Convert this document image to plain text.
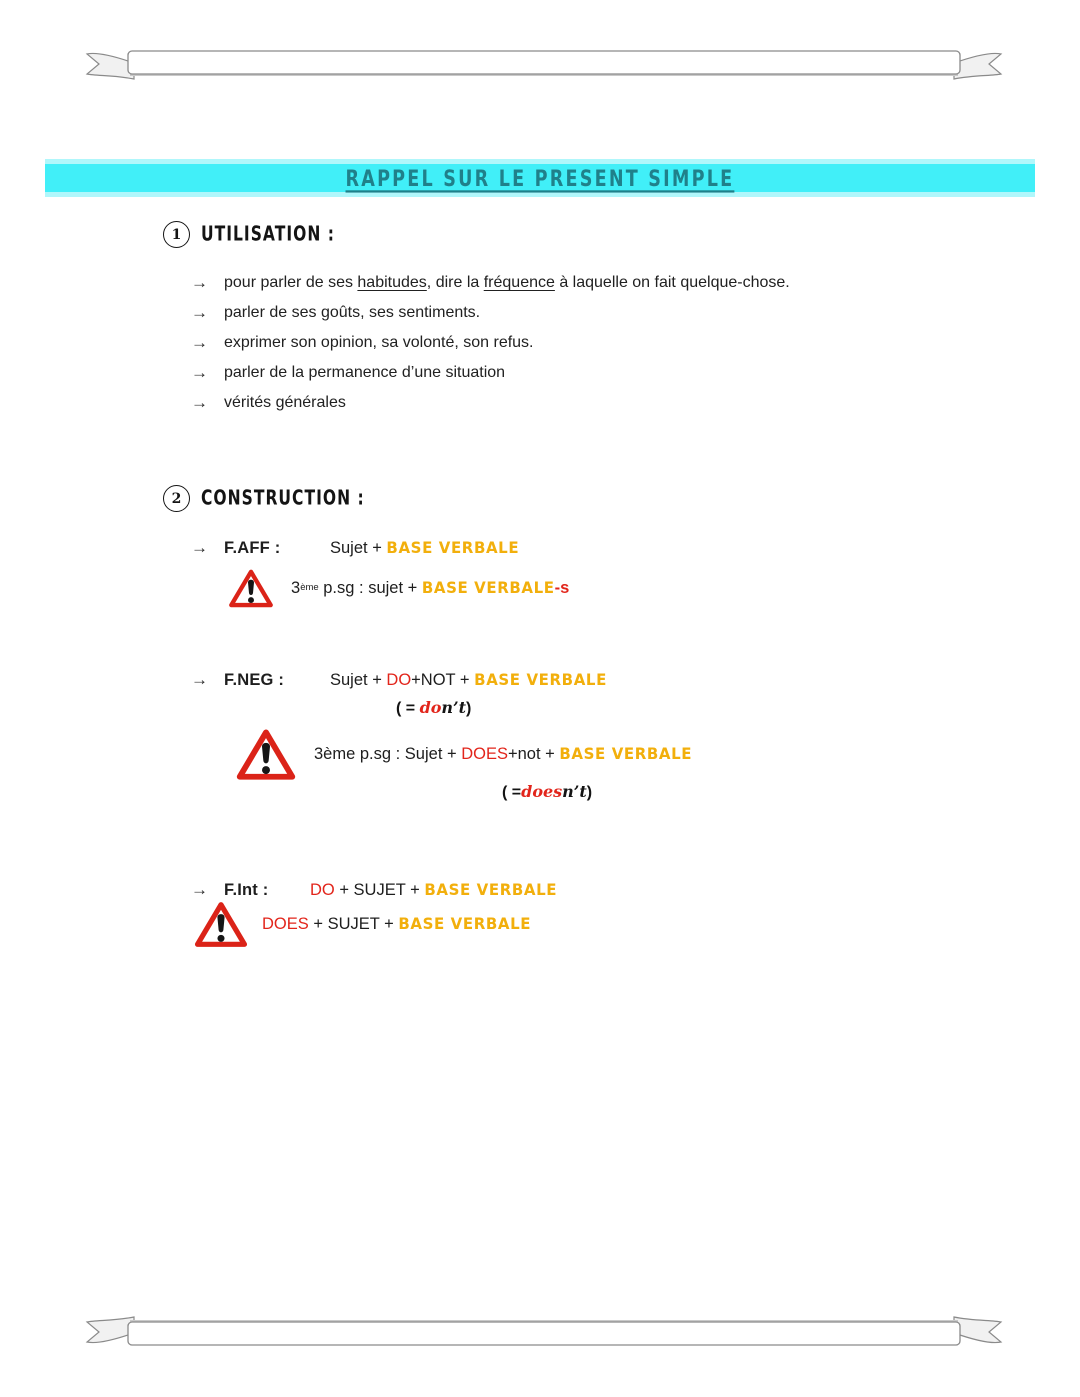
RAPPEL SUR LE PRESENT SIMPLE
1	UTILISATION :
→	pour parler de ses habitudes, dire la fréquence à laquelle on fait quelque-chose.
→	parler de ses goûts, ses sentiments.
→	exprimer son opinion, sa volonté, son refus.
→	parler de la permanence d’une situation
→	vérités générales
2	CONSTRUCTION :
→ F.AFF :	Sujet + BASE VERBALE
3 ème p.sg : sujet + BASE VERBALE -s
→ F.NEG :	Sujet + DO +NOT + BASE VERBALE
( = don’t)
3ème p.sg : Sujet + DOES +not + BASE VERBALE
( =doesn’t)
→ F.Int :	DO + SUJET + BASE VERBALE
DOES + SUJET + BASE VERBALE
